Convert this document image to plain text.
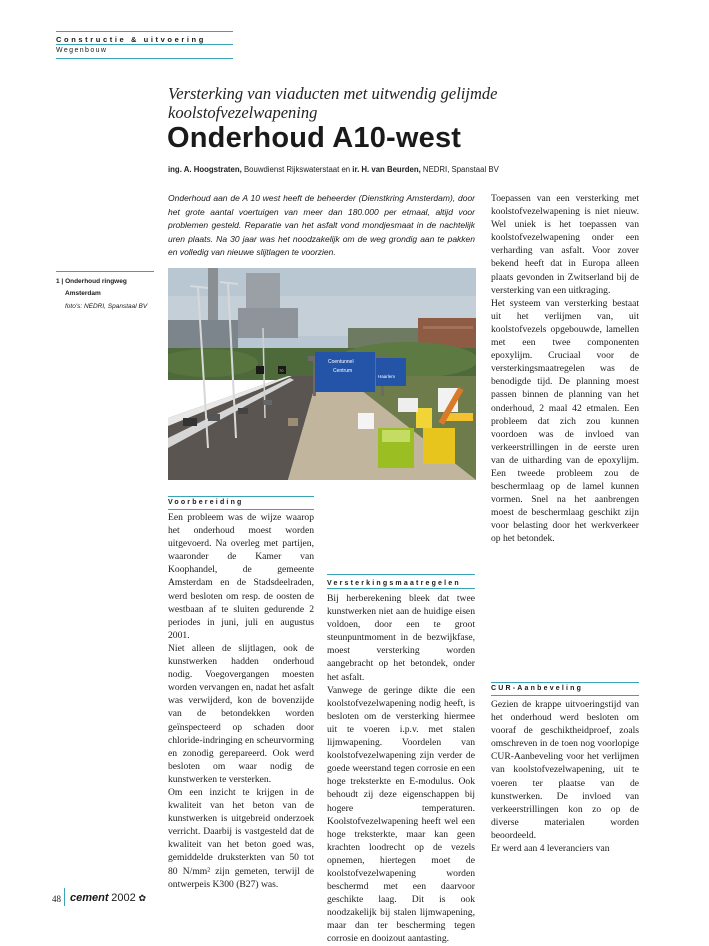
Constructie & uitvoering
Wegenbouw
Versterking van viaducten met uitwendig gelijmde koolstofvezelwapening
Onderhoud A10-west
ing. A. Hoogstraten, Bouwdienst Rijkswaterstaat en ir. H. van Beurden, NEDRI, Spanstaal BV
Onderhoud aan de A 10 west heeft de beheerder (Dienstkring Amsterdam), door het grote aantal voertuigen van meer dan 180.000 per etmaal, altijd voor problemen gesteld. Reparatie van het asfalt vond mondjesmaat in de nachtelijk uren plaats. Na 30 jaar was het noodzakelijk om de weg grondig aan te pakken en volledig van nieuwe slijtlagen te voorzien.
1 | Onderhoud ringweg
Amsterdam
foto's: NEDRI, Spanstaal BV
Coentunnel
Centrum
Haarlem
70
Voorbereiding

Een probleem was de wijze waarop het onderhoud moest worden uitgevoerd. Na overleg met partijen, waaronder de Kamer van Koophandel, de gemeente Amsterdam en de Stadsdeelraden, werd besloten om resp. de oosten de westbaan af te sluiten gedurende 2 periodes in juni, juli en augustus 2001.

Niet alleen de slijtlagen, ook de kunstwerken hadden onderhoud nodig. Voegovergangen moesten worden vervangen en, nadat het asfalt was verwijderd, kon de bovenzijde van de betondekken worden geïnspecteerd op schaden door chloride-indringing en scheurvorming en zonodig gerepareerd. Ook werd besloten om waar nodig de kunstwerken te versterken.

Om een inzicht te krijgen in de kwaliteit van het beton van de kunstwerken is uitgebreid onderzoek verricht. Daarbij is vastgesteld dat de kwaliteit van het beton goed was, gemiddelde druksterkten van 50 tot 80 N/mm² zijn gemeten, terwijl de ontwerpeis K300 (B27) was.

Versterkingsmaatregelen

Bij herberekening bleek dat twee kunstwerken niet aan de huidige eisen voldoen, door een te groot steunpuntmoment in de bezwijkfase, moest versterking worden aangebracht op het betondek, onder het asfalt.

Vanwege de geringe dikte die een koolstofvezelwapening nodig heeft, is besloten om de versterking hiermee uit te voeren i.p.v. met stalen lijmwapening. Voordelen van koolstofvezelwapening zijn verder de goede weerstand tegen corrosie en een hoge treksterkte en E-modulus. Ook behoudt zij deze eigenschappen bij hogere temperaturen. Koolstofvezelwapening heeft wel een hoge treksterkte, maar kan geen krachten loodrecht op de vezels opnemen, hiertegen moet de koolstofvezelwapening worden beschermd met een daarvoor geschikte laag. Dit is ook noodzakelijk bij stalen lijmwapening, maar dan ter bescherming tegen corrosie en dooizout aantasting.

Toepassen van een versterking met koolstofvezelwapening is niet nieuw. Wel uniek is het toepassen van koolstofvezelwapening onder een verharding van asfalt. Voor zover bekend heeft dat in Europa alleen plaats gevonden in Zwitserland bij de versterking van een uitkraging.

Het systeem van versterking bestaat uit het verlijmen van, uit koolstofvezels opgebouwde, lamellen met een twee componenten epoxylijm. Cruciaal voor de versterkingsmaatregelen was de benodigde tijd. De planning moest passen binnen de planning van het onderhoud, 2 maal 42 etmalen. Een probleem dat zich zou kunnen voordoen was de invloed van verkeerstrillingen in de eerste uren van de uitharding van de epoxylijm. Een tweede probleem zou de beschermlaag op de lamel kunnen vormen. Snel na het aanbrengen moest de beschermlaag geschikt zijn voor belasting door het werkverkeer op het betondek.

CUR-Aanbeveling

Gezien de krappe uitvoeringstijd van het onderhoud werd besloten om vooraf de geschiktheidproef, zoals omschreven in de toen nog voorlopige CUR-Aanbeveling voor het verlijmen van koolstofvezelwapening, uit te voeren ter plaatse van de kunstwerken. De invloed van verkeerstrillingen kon zo op de diverse materialen worden beoordeeld.

Er werd aan 4 leveranciers van

48 cement 2002 ✿
